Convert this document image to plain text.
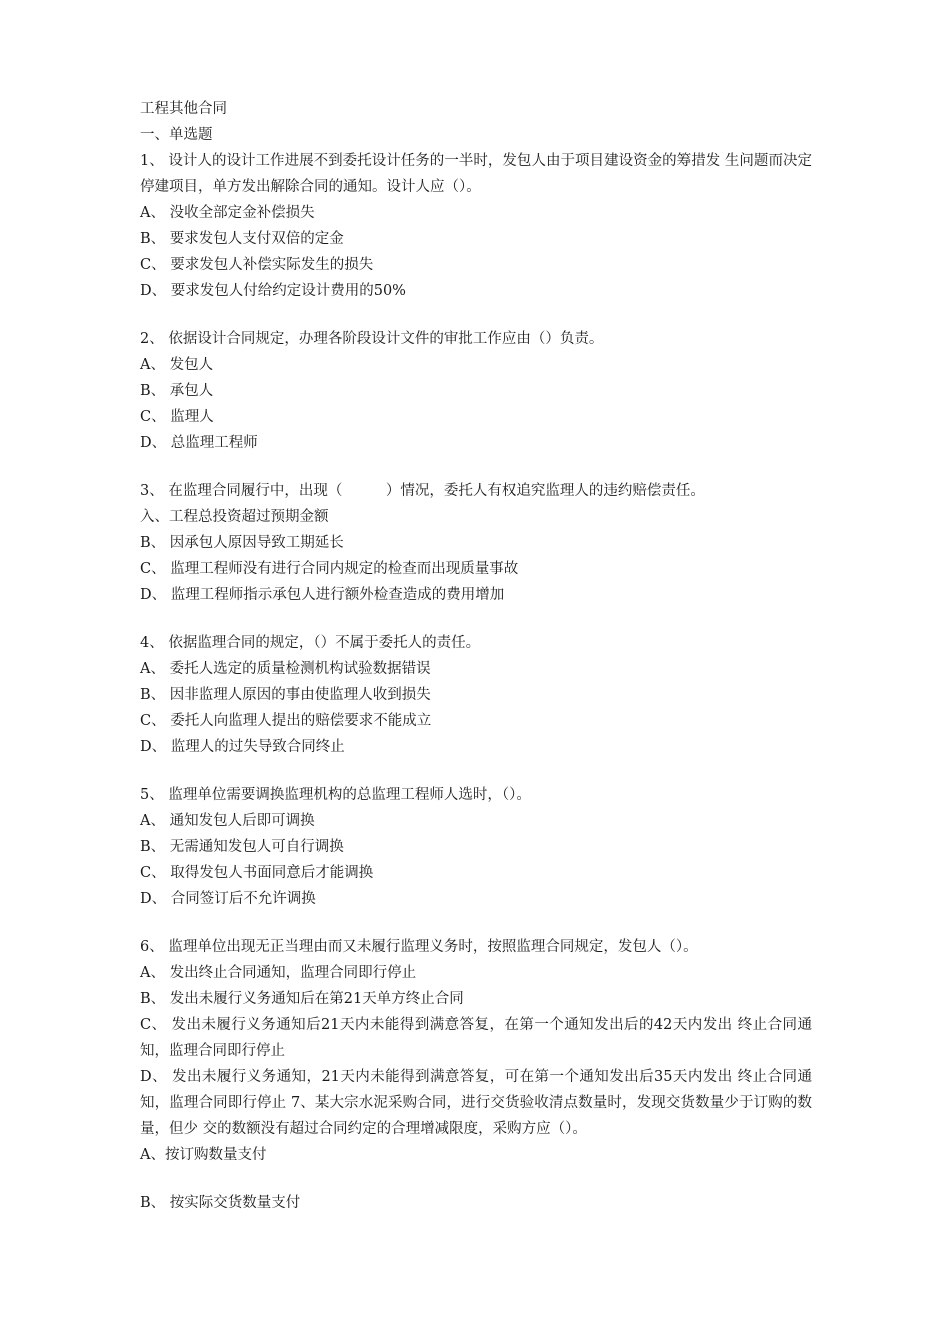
工程其他合同
一、单选题
1、 设计人的设计工作进展不到委托设计任务的一半时，发包人由于项目建设资金的筹措发 生问题而决定停建项目，单方发出解除合同的通知。设计人应（）。
A、 没收全部定金补偿损失
B、 要求发包人支付双倍的定金
C、 要求发包人补偿实际发生的损失
D、 要求发包人付给约定设计费用的50%
2、 依据设计合同规定，办理各阶段设计文件的审批工作应由（）负责。
A、 发包人
B、 承包人
C、 监理人
D、 总监理工程师
3、 在监理合同履行中，出现（　　　）情况，委托人有权追究监理人的违约赔偿责任。
入、工程总投资超过预期金额
B、 因承包人原因导致工期延长
C、 监理工程师没有进行合同内规定的检查而出现质量事故
D、 监理工程师指示承包人进行额外检查造成的费用增加
4、 依据监理合同的规定，（）不属于委托人的责任。
A、 委托人选定的质量检测机构试验数据错误
B、 因非监理人原因的事由使监理人收到损失
C、 委托人向监理人提出的赔偿要求不能成立
D、 监理人的过失导致合同终止
5、 监理单位需要调换监理机构的总监理工程师人选时，（）。
A、 通知发包人后即可调换
B、 无需通知发包人可自行调换
C、 取得发包人书面同意后才能调换
D、 合同签订后不允许调换
6、 监理单位出现无正当理由而又未履行监理义务时，按照监理合同规定，发包人（）。
A、 发出终止合同通知，监理合同即行停止
B、 发出未履行义务通知后在第21天单方终止合同
C、 发出未履行义务通知后21天内未能得到满意答复，在第一个通知发出后的42天内发出 终止合同通知，监理合同即行停止
D、 发出未履行义务通知，21天内未能得到满意答复，可在第一个通知发出后35天内发出 终止合同通知，监理合同即行停止 7、某大宗水泥采购合同，进行交货验收清点数量时，发现交货数量少于订购的数量，但少 交的数额没有超过合同约定的合理增减限度，采购方应（）。
A、按订购数量支付
B、 按实际交货数量支付
